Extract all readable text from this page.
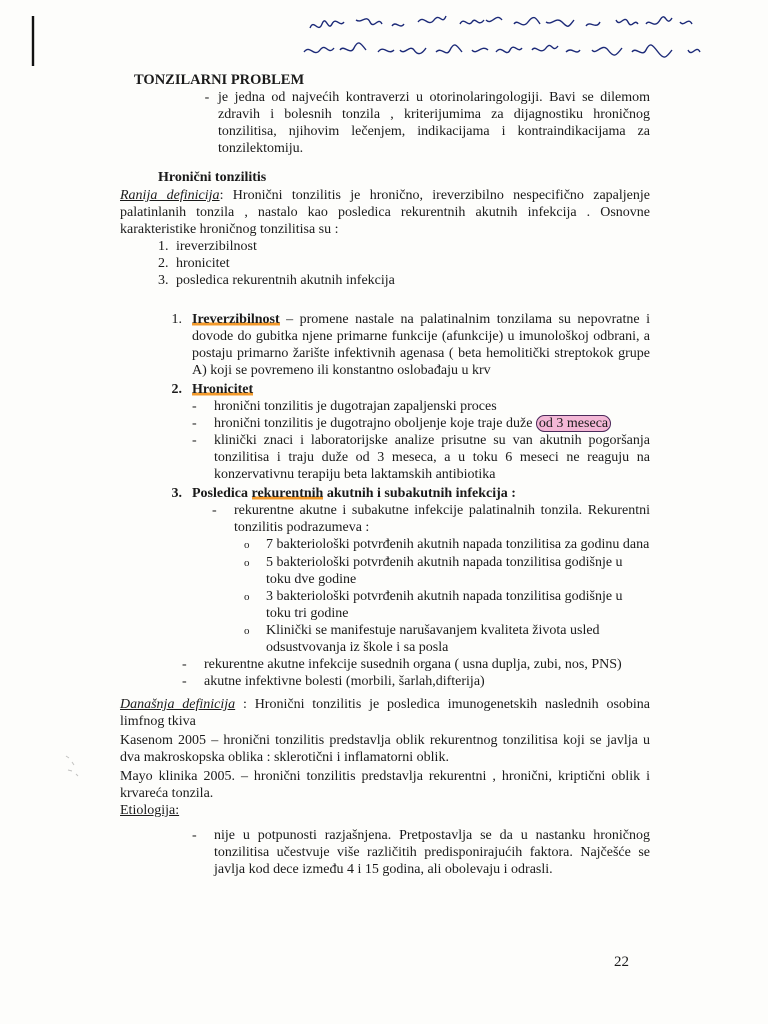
TONZILARNI PROBLEM
- je jedna od najvećih kontraverzi u otorinolaringologiji. Bavi se dilemom zdravih i bolesnih tonzila , kriterijumima za dijagnostiku hroničnog tonzilitisa, njihovim lečenjem, indikacijama i kontraindikacijama za tonzilektomiju.
Hronični tonzilitis
Ranija definicija: Hronični tonzilitis je hronično, ireverzibilno nespecifično zapaljenje palatinlanih tonzila , nastalo kao posledica rekurentnih akutnih infekcija . Osnovne karakteristike hroničnog tonzilitisa su :
1. ireverzibilnost
2. hronicitet
3. posledica rekurentnih akutnih infekcija
1. Ireverzibilnost – promene nastale na palatinalnim tonzilama su nepovratne i dovode do gubitka njene primarne funkcije (afunkcije) u imunološkoj odbrani, a postaju primarno žarište infektivnih agenasa ( beta hemolitički streptokok grupe A) koji se povremeno ili konstantno oslobađaju u krv
2. Hronicitet
-	hronični tonzilitis je dugotrajan zapaljenski proces
-	hronični tonzilitis je dugotrajno oboljenje koje traje duže od 3 meseca
-	klinički znaci i laboratorijske analize prisutne su van akutnih pogoršanja tonzilitisa i traju duže od 3 meseca, a u toku 6 meseci ne reaguju na konzervativnu terapiju beta laktamskih antibiotika
3. Posledica rekurentnih akutnih i subakutnih infekcija :
-	rekurentne akutne i subakutne infekcije palatinalnih tonzila. Rekurentni tonzilitis podrazumeva :
o	7 bakteriološki potvrđenih akutnih napada tonzilitisa za godinu dana
o	5 bakteriološki potvrđenih akutnih napada tonzilitisa godišnje u toku dve godine
o	3 bakteriološki potvrđenih akutnih napada tonzilitisa godišnje u toku tri godine
o	Klinički se manifestuje narušavanjem kvaliteta života usled odsustvovanja iz škole i sa posla
-	rekurentne akutne infekcije susednih organa ( usna duplja, zubi, nos, PNS)
-	akutne infektivne bolesti (morbili, šarlah,difterija)
Današnja definicija : Hronični tonzilitis je posledica imunogenetskih naslednih osobina limfnog tkiva
Kasenom 2005 – hronični tonzilitis predstavlja oblik rekurentnog tonzilitisa koji se javlja u dva makroskopska oblika : sklerotični i inflamatorni oblik.
Mayo klinika 2005. – hronični tonzilitis predstavlja rekurentni , hronični, kriptični oblik i krvareća tonzila.
Etiologija:
-	nije u potpunosti razjašnjena. Pretpostavlja se da u nastanku hroničnog tonzilitisa učestvuje više različitih predisponirajućih faktora. Najčešće se javlja kod dece između 4 i 15 godina, ali obolevaju i odrasli.
22
